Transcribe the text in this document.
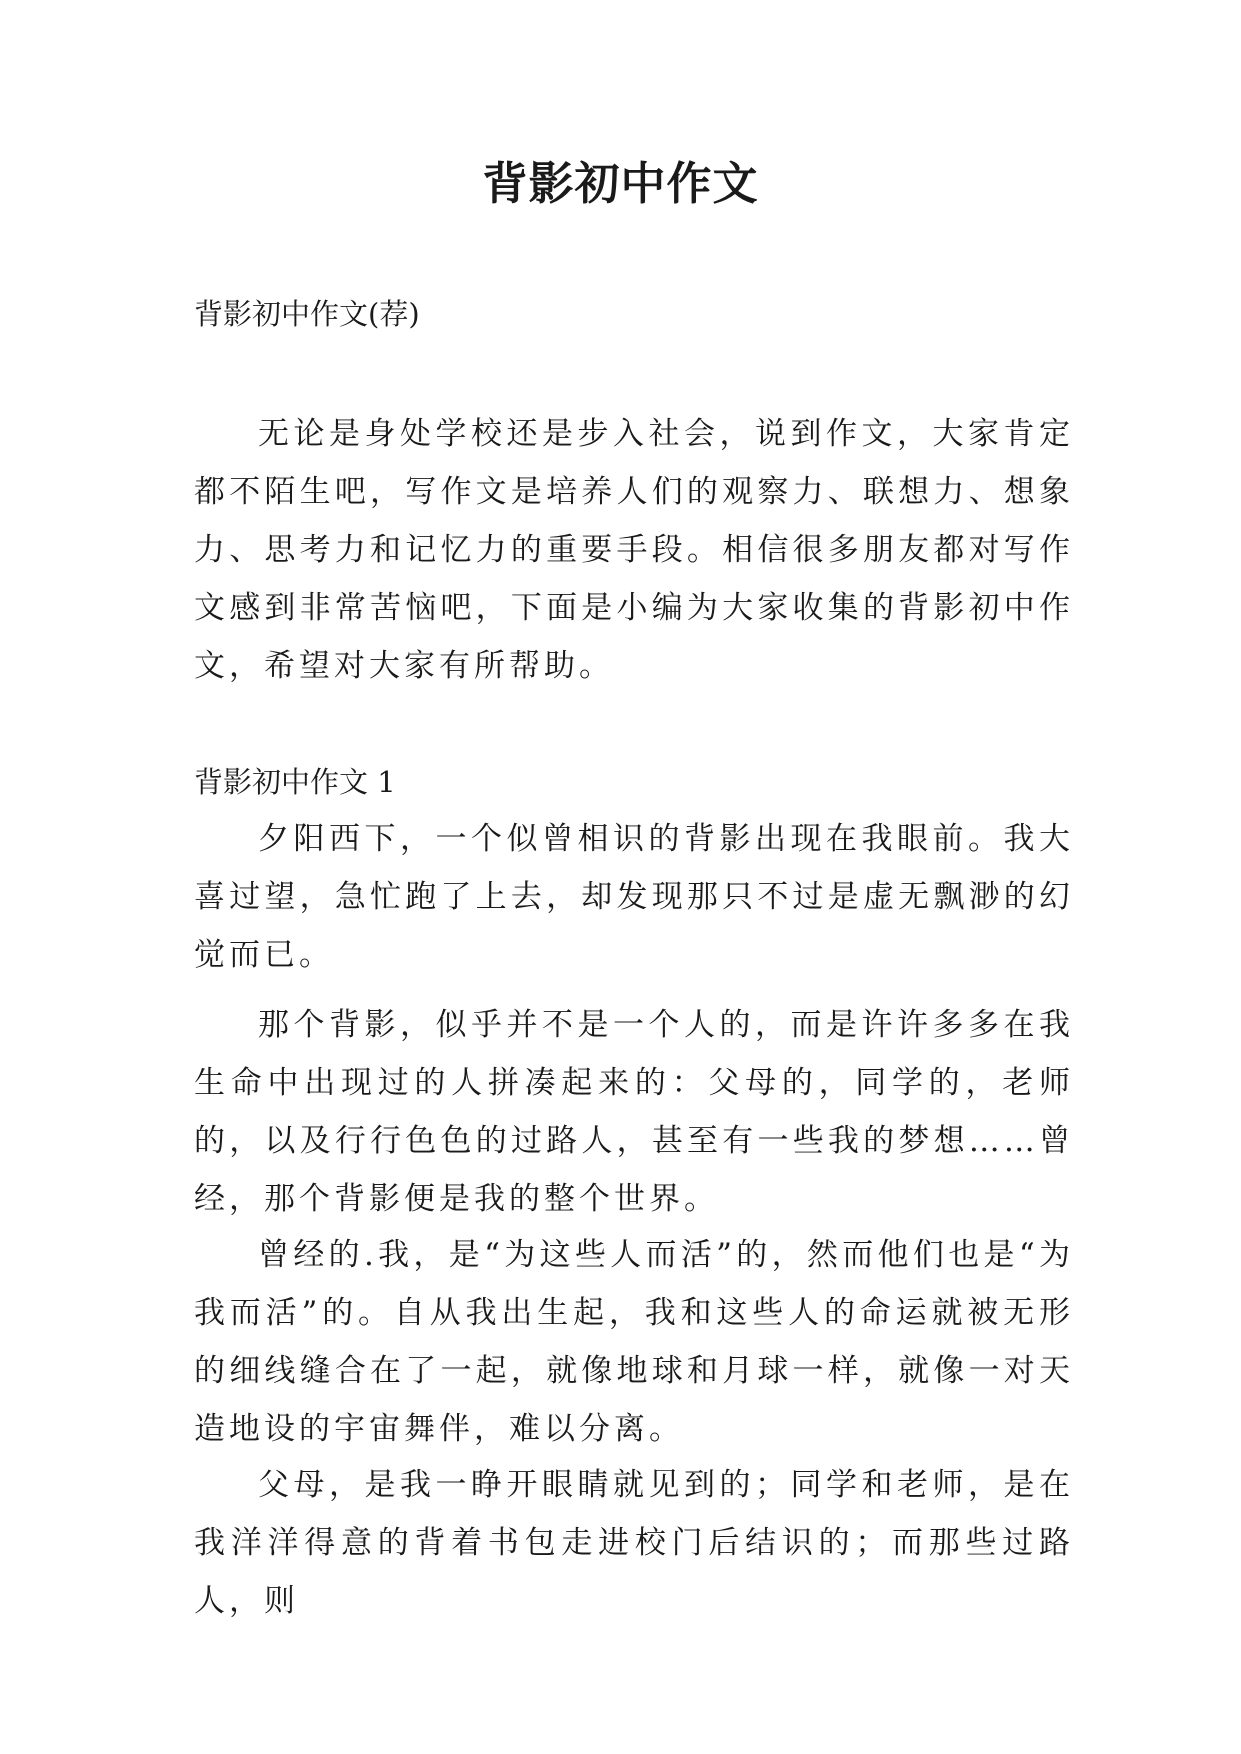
背影初中作文

背影初中作文(荐)

无论是身处学校还是步入社会，说到作文，大家肯定都不陌生吧，写作文是培养人们的观察力、联想力、想象力、思考力和记忆力的重要手段。相信很多朋友都对写作文感到非常苦恼吧，下面是小编为大家收集的背影初中作文，希望对大家有所帮助。

背影初中作文 1

夕阳西下，一个似曾相识的背影出现在我眼前。我大喜过望，急忙跑了上去，却发现那只不过是虚无飘渺的幻觉而已。

那个背影，似乎并不是一个人的，而是许许多多在我生命中出现过的人拼凑起来的：父母的，同学的，老师的，以及行行色色的过路人，甚至有一些我的梦想……曾经，那个背影便是我的整个世界。

曾经的.我，是“为这些人而活”的，然而他们也是“为我而活”的。自从我出生起，我和这些人的命运就被无形的细线缝合在了一起，就像地球和月球一样，就像一对天造地设的宇宙舞伴，难以分离。

父母，是我一睁开眼睛就见到的；同学和老师，是在我洋洋得意的背着书包走进校门后结识的；而那些过路人，则
